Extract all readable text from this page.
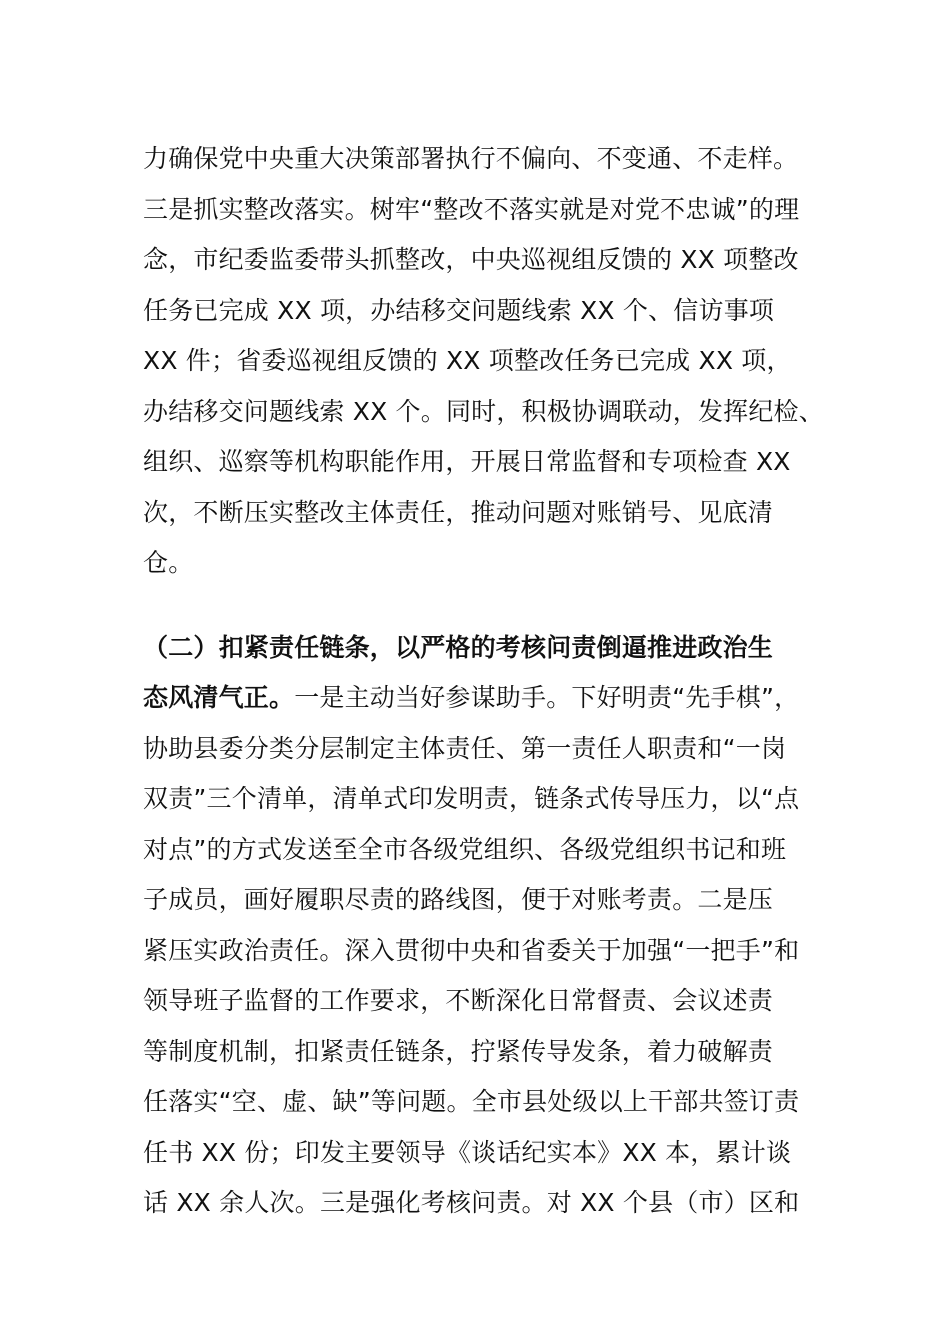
力确保党中央重大决策部署执行不偏向、不变通、不走样。
三是抓实整改落实。树牢“整改不落实就是对党不忠诚”的理
念，市纪委监委带头抓整改，中央巡视组反馈的 XX 项整改
任务已完成 XX 项，办结移交问题线索 XX 个、信访事项
XX 件；省委巡视组反馈的 XX 项整改任务已完成 XX 项，
办结移交问题线索 XX 个。同时，积极协调联动，发挥纪检、
组织、巡察等机构职能作用，开展日常监督和专项检查 XX
次，不断压实整改主体责任，推动问题对账销号、见底清
仓。
（二）扣紧责任链条，以严格的考核问责倒逼推进政治生
态风清气正。一是主动当好参谋助手。下好明责“先手棋”，
协助县委分类分层制定主体责任、第一责任人职责和“一岗
双责”三个清单，清单式印发明责，链条式传导压力，以“点
对点”的方式发送至全市各级党组织、各级党组织书记和班
子成员，画好履职尽责的路线图，便于对账考责。二是压
紧压实政治责任。深入贯彻中央和省委关于加强“一把手”和
领导班子监督的工作要求，不断深化日常督责、会议述责
等制度机制，扣紧责任链条，拧紧传导发条，着力破解责
任落实“空、虚、缺”等问题。全市县处级以上干部共签订责
任书 XX 份；印发主要领导《谈话纪实本》XX 本，累计谈
话 XX 余人次。三是强化考核问责。对 XX 个县（市）区和
